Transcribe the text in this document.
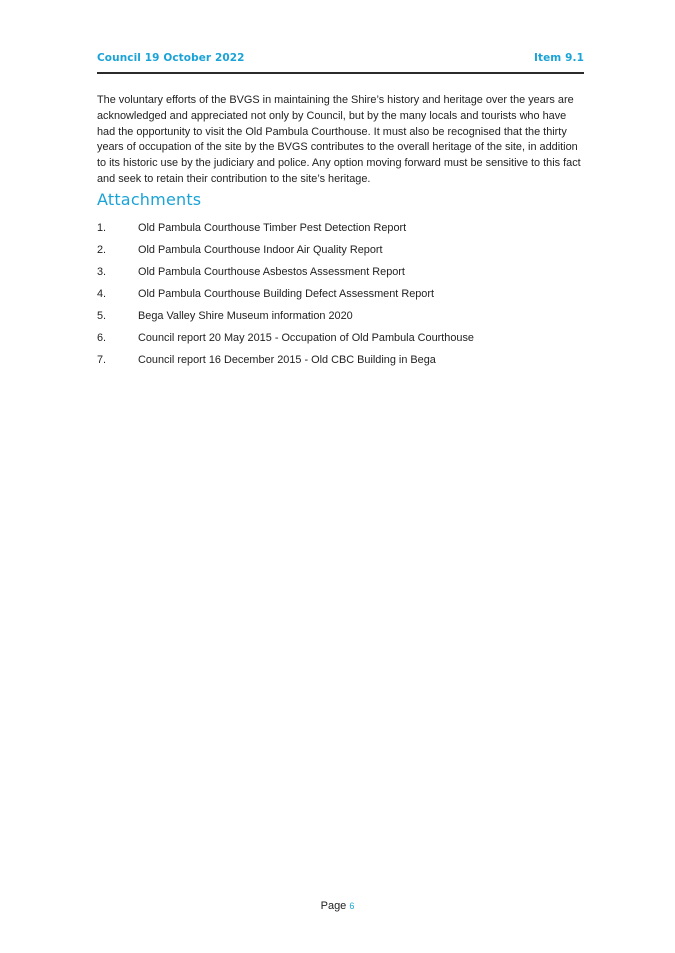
Council 19 October 2022	Item 9.1

The voluntary efforts of the BVGS in maintaining the Shire’s history and heritage over the years are acknowledged and appreciated not only by Council, but by the many locals and tourists who have had the opportunity to visit the Old Pambula Courthouse. It must also be recognised that the thirty years of occupation of the site by the BVGS contributes to the overall heritage of the site, in addition to its historic use by the judiciary and police. Any option moving forward must be sensitive to this fact and seek to retain their contribution to the site’s heritage.

Attachments
1.	Old Pambula Courthouse Timber Pest Detection Report
2.	Old Pambula Courthouse Indoor Air Quality Report
3.	Old Pambula Courthouse Asbestos Assessment Report
4.	Old Pambula Courthouse Building Defect Assessment Report
5.	Bega Valley Shire Museum information 2020
6.	Council report 20 May 2015 - Occupation of Old Pambula Courthouse
7.	Council report 16 December 2015 - Old CBC Building in Bega
Page 6
